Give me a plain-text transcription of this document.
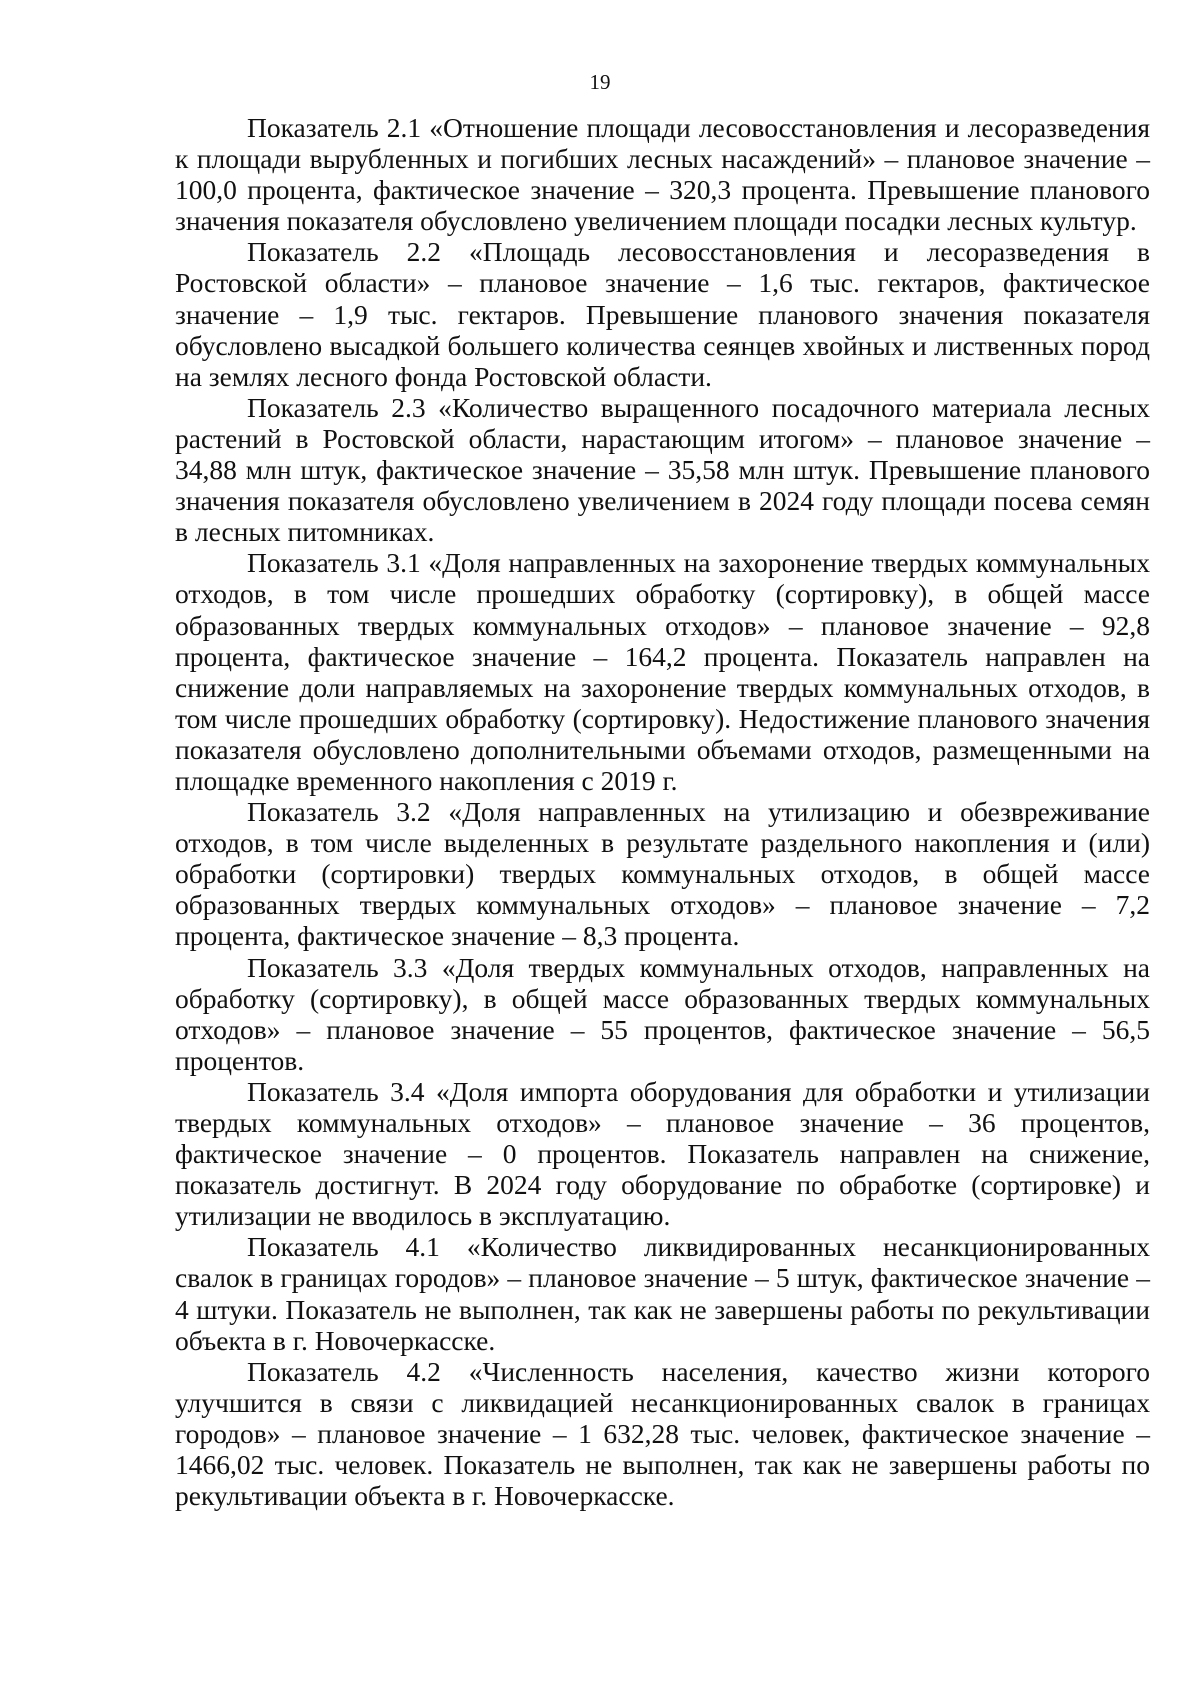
19

Показатель 2.1 «Отношение площади лесовосстановления и лесоразведения к площади вырубленных и погибших лесных насаждений» – плановое значение – 100,0 процента, фактическое значение – 320,3 процента. Превышение планового значения показателя обусловлено увеличением площади посадки лесных культур.

Показатель 2.2 «Площадь лесовосстановления и лесоразведения в Ростовской области» – плановое значение – 1,6 тыс. гектаров, фактическое значение – 1,9 тыс. гектаров. Превышение планового значения показателя обусловлено высадкой большего количества сеянцев хвойных и лиственных пород на землях лесного фонда Ростовской области.

Показатель 2.3 «Количество выращенного посадочного материала лесных растений в Ростовской области, нарастающим итогом» – плановое значение – 34,88 млн штук, фактическое значение – 35,58 млн штук. Превышение планового значения показателя обусловлено увеличением в 2024 году площади посева семян в лесных питомниках.

Показатель 3.1 «Доля направленных на захоронение твердых коммунальных отходов, в том числе прошедших обработку (сортировку), в общей массе образованных твердых коммунальных отходов» – плановое значение – 92,8 процента, фактическое значение – 164,2 процента. Показатель направлен на снижение доли направляемых на захоронение твердых коммунальных отходов, в том числе прошедших обработку (сортировку). Недостижение планового значения показателя обусловлено дополнительными объемами отходов, размещенными на площадке временного накопления с 2019 г.

Показатель 3.2 «Доля направленных на утилизацию и обезвреживание отходов, в том числе выделенных в результате раздельного накопления и (или) обработки (сортировки) твердых коммунальных отходов, в общей массе образованных твердых коммунальных отходов» – плановое значение – 7,2 процента, фактическое значение – 8,3 процента.

Показатель 3.3 «Доля твердых коммунальных отходов, направленных на обработку (сортировку), в общей массе образованных твердых коммунальных отходов» – плановое значение – 55 процентов, фактическое значение – 56,5 процентов.

Показатель 3.4 «Доля импорта оборудования для обработки и утилизации твердых коммунальных отходов» – плановое значение – 36 процентов, фактическое значение – 0 процентов. Показатель направлен на снижение, показатель достигнут. В 2024 году оборудование по обработке (сортировке) и утилизации не вводилось в эксплуатацию.

Показатель 4.1 «Количество ликвидированных несанкционированных свалок в границах городов» – плановое значение – 5 штук, фактическое значение – 4 штуки. Показатель не выполнен, так как не завершены работы по рекультивации объекта в г. Новочеркасске.

Показатель 4.2 «Численность населения, качество жизни которого улучшится в связи с ликвидацией несанкционированных свалок в границах городов» – плановое значение – 1 632,28 тыс. человек, фактическое значение – 1466,02 тыс. человек. Показатель не выполнен, так как не завершены работы по рекультивации объекта в г. Новочеркасске.
